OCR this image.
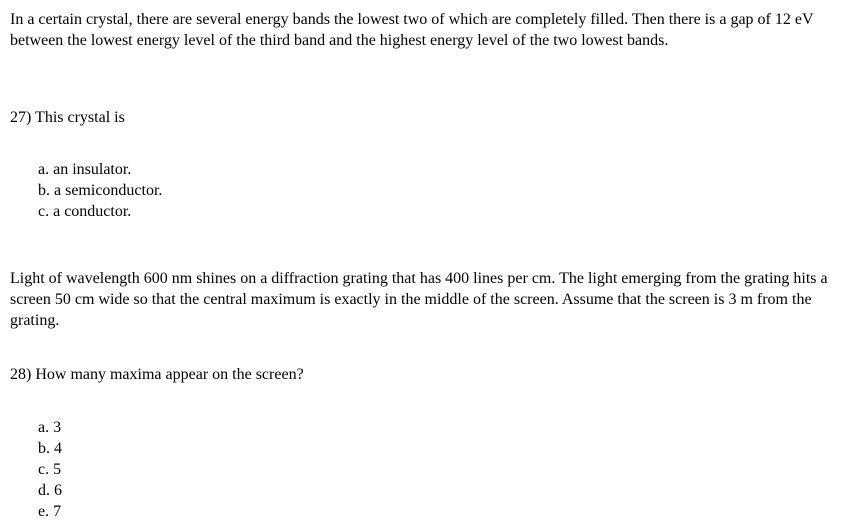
In a certain crystal, there are several energy bands the lowest two of which are completely filled. Then there is a gap of 12 eV between the lowest energy level of the third band and the highest energy level of the two lowest bands.

27) This crystal is

a. an insulator.
b. a semiconductor.
c. a conductor.

Light of wavelength 600 nm shines on a diffraction grating that has 400 lines per cm. The light emerging from the grating hits a screen 50 cm wide so that the central maximum is exactly in the middle of the screen. Assume that the screen is 3 m from the grating.

28) How many maxima appear on the screen?

a. 3
b. 4
c. 5
d. 6
e. 7
